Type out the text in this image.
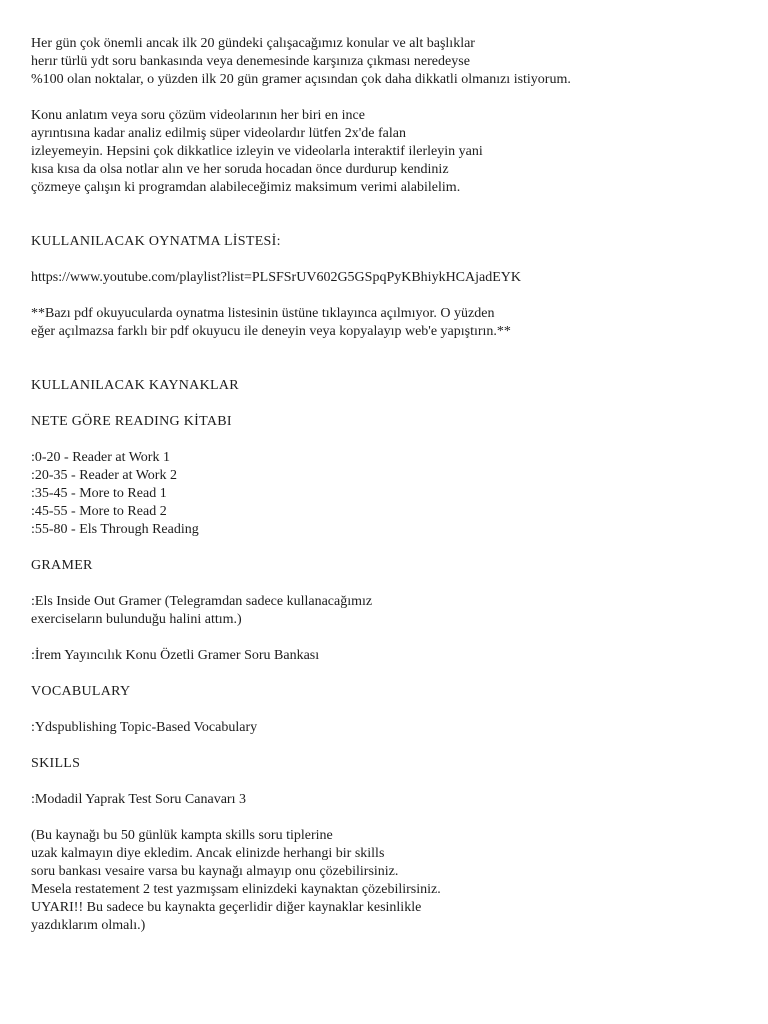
Her gün çok önemli ancak ilk 20 gündeki çalışacağımız konular ve alt başlıklar
herır türlü ydt soru bankasında veya denemesinde karşınıza çıkması neredeyse
%100 olan noktalar, o yüzden ilk 20 gün gramer açısından çok daha dikkatli olmanızı istiyorum.
Konu anlatım veya soru çözüm videolarının her biri en ince
ayrıntısına kadar analiz edilmiş süper videolardır lütfen 2x'de falan
izleyemeyin. Hepsini çok dikkatlice izleyin ve videolarla interaktif ilerleyin yani
kısa kısa da olsa notlar alın ve her soruda hocadan önce durdurup kendiniz
çözmeye çalışın ki programdan alabileceğimiz maksimum verimi alabilelim.
KULLANILACAK OYNATMA LİSTESİ:
https://www.youtube.com/playlist?list=PLSFSrUV602G5GSpqPyKBhiykHCAjadEYK
**Bazı pdf okuyucularda oynatma listesinin üstüne tıklayınca açılmıyor. O yüzden
eğer açılmazsa farklı bir pdf okuyucu ile deneyin veya kopyalayıp web'e yapıştırın.**
KULLANILACAK KAYNAKLAR
NETE GÖRE READING KİTABI
:0-20 - Reader at Work 1
:20-35 - Reader at Work 2
:35-45 - More to Read 1
:45-55 - More to Read 2
:55-80 - Els Through Reading
GRAMER
:Els Inside Out Gramer (Telegramdan sadece kullanacağımız
exerciseların bulunduğu halini attım.)
:İrem Yayıncılık Konu Özetli Gramer Soru Bankası
VOCABULARY
:Ydspublishing Topic-Based Vocabulary
SKILLS
:Modadil Yaprak Test Soru Canavarı 3
(Bu kaynağı bu 50 günlük kampta skills soru tiplerine
uzak kalmayın diye ekledim. Ancak elinizde herhangi bir skills
soru bankası vesaire varsa bu kaynağı almayıp onu çözebilirsiniz.
Mesela restatement 2 test yazmışsam elinizdeki kaynaktan çözebilirsiniz.
UYARI!! Bu sadece bu kaynakta geçerlidir diğer kaynaklar kesinlikle
yazdıklarım olmalı.)
